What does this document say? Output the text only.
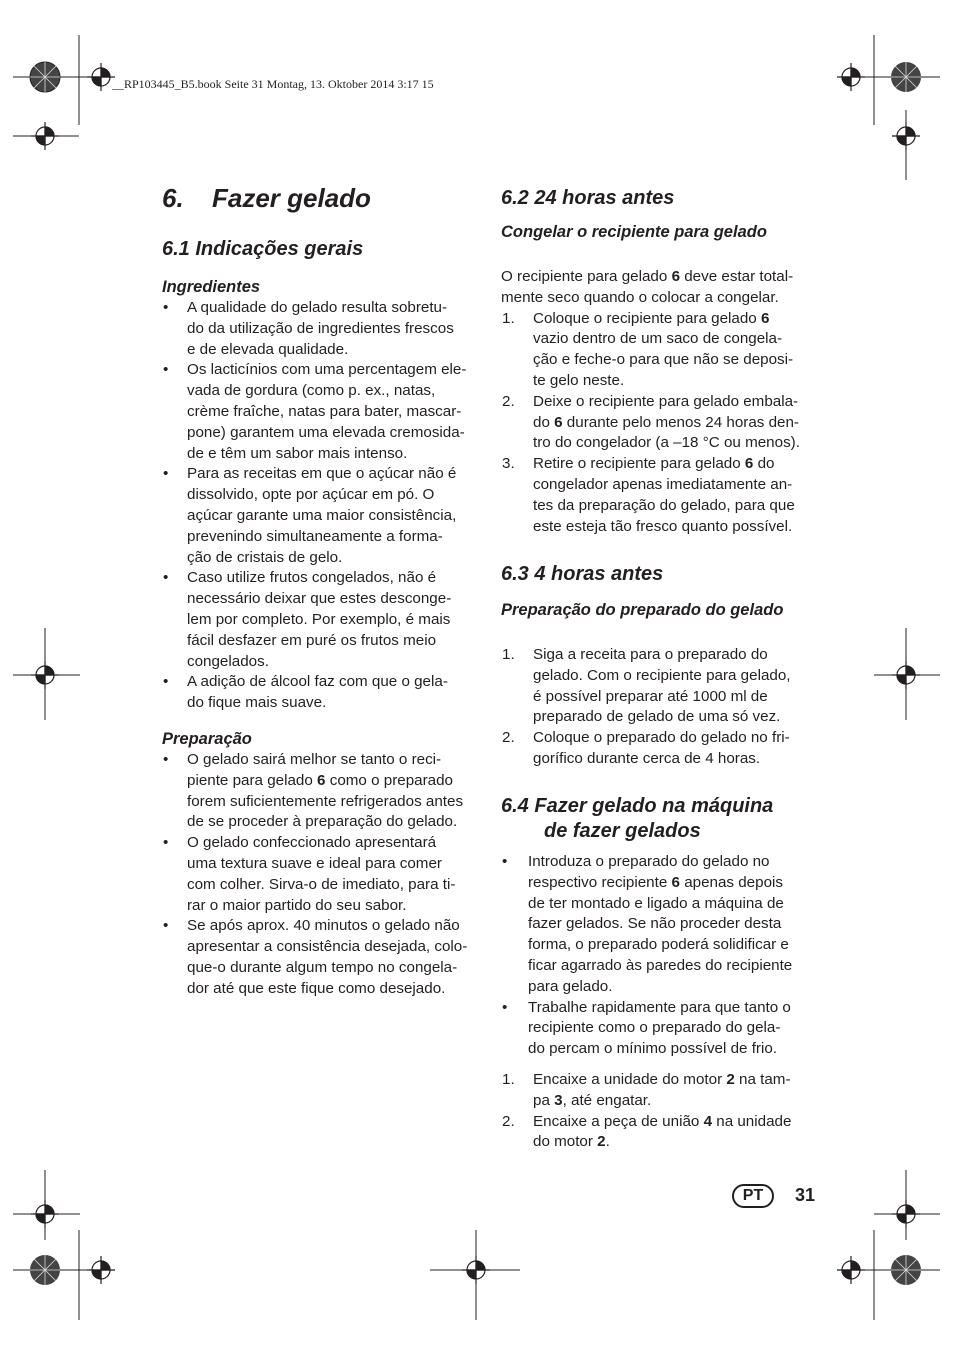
__RP103445_B5.book Seite 31 Montag, 13. Oktober 2014 3:17 15
6. Fazer gelado
6.1 Indicações gerais
Ingredientes
• A qualidade do gelado resulta sobretu-
do da utilização de ingredientes frescos
e de elevada qualidade.
• Os lacticínios com uma percentagem ele-
vada de gordura (como p. ex., natas,
crème fraîche, natas para bater, mascar-
pone) garantem uma elevada cremosida-
de e têm um sabor mais intenso.
• Para as receitas em que o açúcar não é
dissolvido, opte por açúcar em pó. O
açúcar garante uma maior consistência,
prevenindo simultaneamente a forma-
ção de cristais de gelo.
• Caso utilize frutos congelados, não é
necessário deixar que estes desconge-
lem por completo. Por exemplo, é mais
fácil desfazer em puré os frutos meio
congelados.
• A adição de álcool faz com que o gela-
do fique mais suave.
Preparação
• O gelado sairá melhor se tanto o reci-
piente para gelado 6 como o preparado
forem suficientemente refrigerados antes
de se proceder à preparação do gelado.
• O gelado confeccionado apresentará
uma textura suave e ideal para comer
com colher. Sirva-o de imediato, para ti-
rar o maior partido do seu sabor.
• Se após aprox. 40 minutos o gelado não
apresentar a consistência desejada, colo-
que-o durante algum tempo no congela-
dor até que este fique como desejado.
6.2 24 horas antes
Congelar o recipiente para gelado

O recipiente para gelado 6 deve estar total-
mente seco quando o colocar a congelar.

1. Coloque o recipiente para gelado 6
vazio dentro de um saco de congela-
ção e feche-o para que não se deposi-
te gelo neste.
2. Deixe o recipiente para gelado embala-
do 6 durante pelo menos 24 horas den-
tro do congelador (a –18 °C ou menos).
3. Retire o recipiente para gelado 6 do
congelador apenas imediatamente an-
tes da preparação do gelado, para que
este esteja tão fresco quanto possível.
6.3 4 horas antes
Preparação do preparado do gelado
1. Siga a receita para o preparado do
gelado. Com o recipiente para gelado,
é possível preparar até 1000 ml de
preparado de gelado de uma só vez.
2. Coloque o preparado do gelado no fri-
gorífico durante cerca de 4 horas.
6.4 Fazer gelado na máquina
de fazer gelados
• Introduza o preparado do gelado no
respectivo recipiente 6 apenas depois
de ter montado e ligado a máquina de
fazer gelados. Se não proceder desta
forma, o preparado poderá solidificar e
ficar agarrado às paredes do recipiente
para gelado.
• Trabalhe rapidamente para que tanto o
recipiente como o preparado do gela-
do percam o mínimo possível de frio.
1. Encaixe a unidade do motor 2 na tam-
pa 3, até engatar.
2. Encaixe a peça de união 4 na unidade
do motor 2.
PT	31
